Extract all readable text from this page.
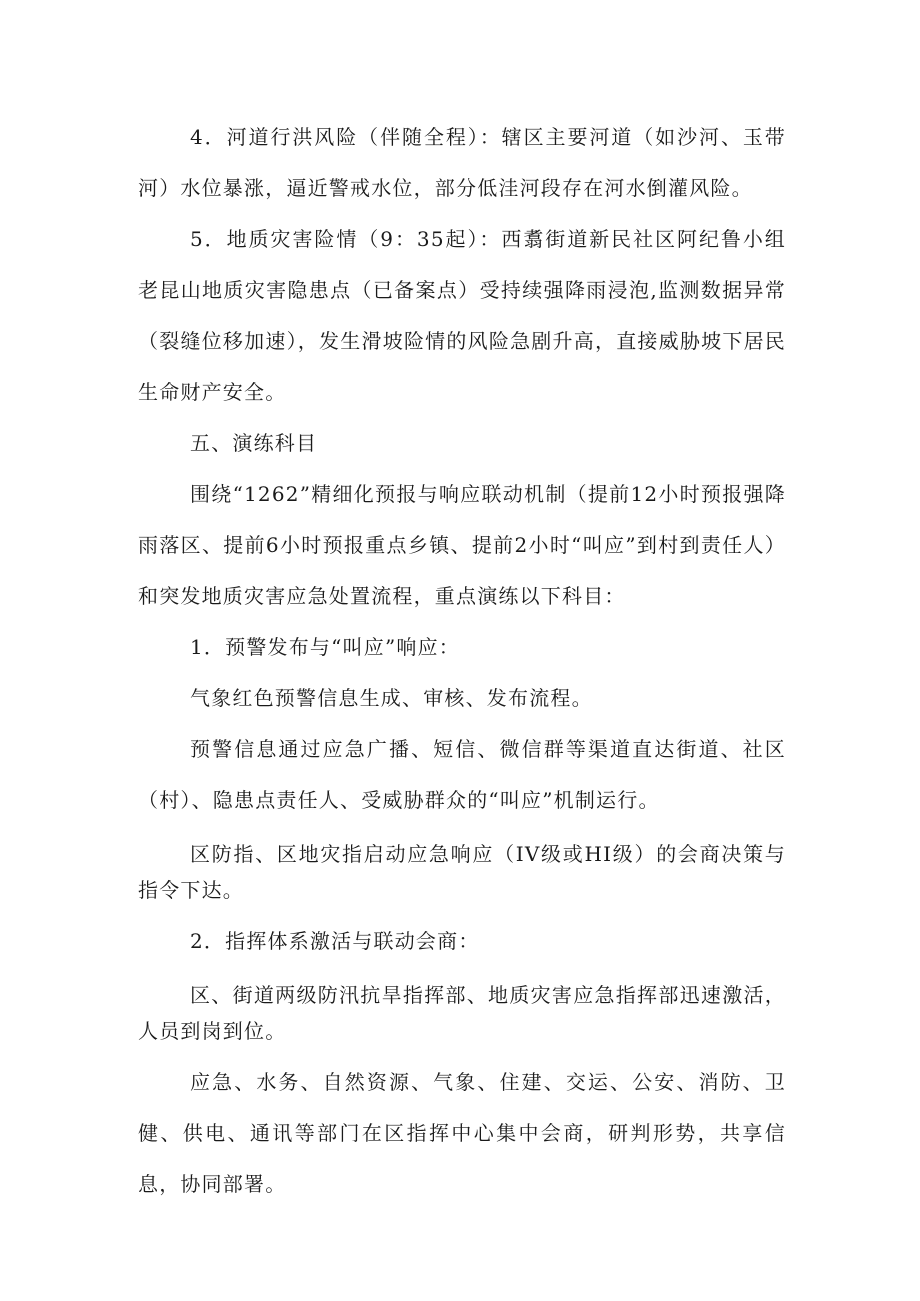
4．河道行洪风险（伴随全程）：辖区主要河道（如沙河、玉带河）水位暴涨，逼近警戒水位，部分低洼河段存在河水倒灌风险。

5．地质灾害险情（9：35起）：西翥街道新民社区阿纪鲁小组老昆山地质灾害隐患点（已备案点）受持续强降雨浸泡,监测数据异常（裂缝位移加速），发生滑坡险情的风险急剧升高，直接威胁坡下居民生命财产安全。

五、演练科目

围绕“1262”精细化预报与响应联动机制（提前12小时预报强降雨落区、提前6小时预报重点乡镇、提前2小时“叫应”到村到责任人）和突发地质灾害应急处置流程，重点演练以下科目：

1．预警发布与“叫应”响应：

气象红色预警信息生成、审核、发布流程。

预警信息通过应急广播、短信、微信群等渠道直达街道、社区（村）、隐患点责任人、受威胁群众的“叫应”机制运行。

区防指、区地灾指启动应急响应（IV级或HI级）的会商决策与指令下达。

2．指挥体系激活与联动会商：

区、街道两级防汛抗旱指挥部、地质灾害应急指挥部迅速激活，人员到岗到位。

应急、水务、自然资源、气象、住建、交运、公安、消防、卫健、供电、通讯等部门在区指挥中心集中会商，研判形势，共享信息，协同部署。
